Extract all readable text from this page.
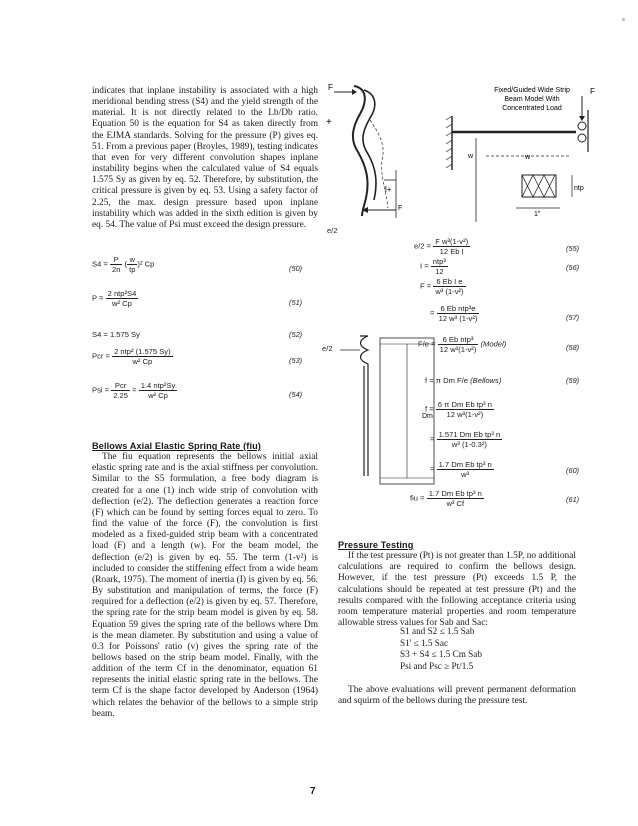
indicates that inplane instability is associated with a high meridional bending stress (S4) and the yield strength of the material. It is not directly related to the Lb/Db ratio. Equation 50 is the equation for S4 as taken directly from the EJMA standards. Solving for the pressure (P) gives eq. 51. From a previous paper (Broyles, 1989), testing indicates that even for very different convolution shapes inplane instability begins when the calculated value of S4 equals 1.575 Sy as given by eq. 52. Therefore, by substitution, the critical pressure is given by eq. 53. Using a safety factor of 2.25, the max. design pressure based upon inplane instability which was added in the sixth edition is given by eq. 54. The value of Psi must exceed the design pressure.

$S4 = \frac{P}{2n}$ ( $\frac{w}{tp} )^2$ Cp	(50)
$P = \frac{\text{2 ntp²S4}}{\text{w² Cp}}$	(51)
S4 = 1.575 Sy	(52)
Pcr = $\frac{\text{2 ntp² (1.575 Sy)}}{\text{w² Cp}}$	(53)
Psi = $\frac{\text{Pcr}}{2.25} = \frac{\text{1.4 ntp²Sy}}{\text{w² Cp}}$	(54)
Bellows Axial Elastic Spring Rate (fiu)

The fiu equation represents the bellows initial axial elastic spring rate and is the axial stiffness per convolution. Similar to the S5 formulation, a free body diagram is created for a one (1) inch wide strip of convolution with deflection (e/2). The deflection generates a reaction force (F) which can be found by setting forces equal to zero. To find the value of the force (F), the convolution is first modeled as a fixed-guided strip beam with a concentrated load (F) and a length (w). For the beam model, the deflection (e/2) is given by eq. 55. The term (1-v²) is included to consider the stiffening effect from a wide beam (Roark, 1975). The moment of inertia (I) is given by eq. 56. By substitution and manipulation of terms, the force (F) required for a deflection (e/2) is given by eq. 57. Therefore, the spring rate for the strip beam model is given by eq. 58. Equation 59 gives the spring rate of the bellows where Dm is the mean diameter. By substitution and using a value of 0.3 for Poissons' ratio (v) gives the spring rate of the bellows based on the strip beam model. Finally, with the addition of the term Cf in the denominator, equation 61 represents the initial elastic spring rate in the bellows. The term Cf is the shape factor developed by Anderson (1964) which relates the behavior of the bellows to a simple strip beam.

F	F
+
l+
w	w
1"
ntp
F
Fixed/Guided Wide Strip
Beam Model With
Concentrated Load
e/2
Dm
$e/2 = \frac{\text{F w³(1-v²)}}{\text{12 Eb I}}$	(55)
$I = \frac{\text{ntp³}}{12}$	(56)
$F = \frac{\text{6 Eb I e}}{\text{w³ (1-v²)}}$
= $\frac{\text{6 Eb ntp³e}}{\text{12 w³ (1-v²)}}$	(57)
$F/e = \frac{\text{6 Eb ntp³}}{\text{12 w³(1-v²)}}$ (Model)	(58)
f = π Dm F/e (Bellows)	(59)
$f = \frac{\text{6 π Dm Eb tp³ n}}{\text{12 w³(1-v²)}}$
= $\frac{\text{1.571 Dm Eb tp³ n}}{\text{w³ (1-0.3²)}}$
= $\frac{\text{1.7 Dm Eb tp³ n}}{\text{w³}}$	(60)
fiu = $\frac{\text{1.7 Dm Eb tp³ n}}{\text{w³ Cf}}$	(61)
e/2
Pressure Testing

If the test pressure (Pt) is not greater than 1.5P, no additional calculations are required to confirm the bellows design. However, if the test pressure (Pt) exceeds 1.5 P, the calculations should be repeated at test pressure (Pt) and the results compared with the following acceptance criteria using room temperature material properties and room temperature allowable stress values for Sab and Sac:

S1 and S2 ≤ 1.5 Sab
S1' ≤ 1.5 Sac
S3 + S4 ≤ 1.5 Cm Sab
Psi and Psc ≥ Pt/1.5

The above evaluations will prevent permanent deformation and squirm of the bellows during the pressure test.

7
